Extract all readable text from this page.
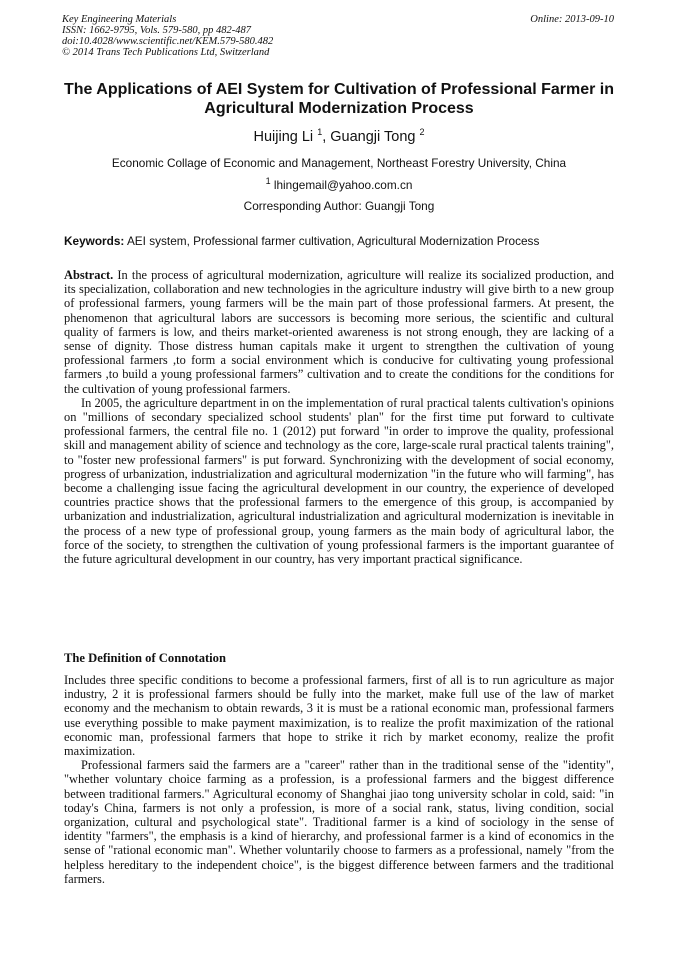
Key Engineering Materials
ISSN: 1662-9795, Vols. 579-580, pp 482-487
doi:10.4028/www.scientific.net/KEM.579-580.482
© 2014 Trans Tech Publications Ltd, Switzerland
Online: 2013-09-10
The Applications of AEI System for Cultivation of Professional Farmer in Agricultural Modernization Process
Huijing Li $^1$, Guangji Tong $^2$
Economic Collage of Economic and Management, Northeast Forestry University, China
$^1$ lhingemail@yahoo.com.cn
Corresponding Author: Guangji Tong
Keywords: AEI system, Professional farmer cultivation, Agricultural Modernization Process

Abstract. In the process of agricultural modernization, agriculture will realize its socialized production, and its specialization, collaboration and new technologies in the agriculture industry will give birth to a new group of professional farmers, young farmers will be the main part of those professional farmers. At present, the phenomenon that agricultural labors are successors is becoming more serious, the scientific and cultural quality of farmers is low, and theirs market-oriented awareness is not strong enough, they are lacking of a sense of dignity. Those distress human capitals make it urgent to strengthen the cultivation of young professional farmers ,to form a social environment which is conducive for cultivating young professional farmers ,to build a young professional farmers” cultivation and to create the conditions for the conditions for the cultivation of young professional farmers.

In 2005, the agriculture department in on the implementation of rural practical talents cultivation's opinions on "millions of secondary specialized school students' plan" for the first time put forward to cultivate professional farmers, the central file no. 1 (2012) put forward "in order to improve the quality, professional skill and management ability of science and technology as the core, large-scale rural practical talents training", to "foster new professional farmers" is put forward. Synchronizing with the development of social economy, progress of urbanization, industrialization and agricultural modernization "in the future who will farming", has become a challenging issue facing the agricultural development in our country, the experience of developed countries practice shows that the professional farmers to the emergence of this group, is accompanied by urbanization and industrialization, agricultural industrialization and agricultural modernization is inevitable in the process of a new type of professional group, young farmers as the main body of agricultural labor, the force of the society, to strengthen the cultivation of young professional farmers is the important guarantee of the future agricultural development in our country, has very important practical significance.

The Definition of Connotation

Includes three specific conditions to become a professional farmers, first of all is to run agriculture as major industry, 2 it is professional farmers should be fully into the market, make full use of the law of market economy and the mechanism to obtain rewards, 3 it is must be a rational economic man, professional farmers use everything possible to make payment maximization, is to realize the profit maximization of the rational economic man, professional farmers that hope to strike it rich by market economy, realize the profit maximization.

Professional farmers said the farmers are a "career" rather than in the traditional sense of the "identity", "whether voluntary choice farming as a profession, is a professional farmers and the biggest difference between traditional farmers." Agricultural economy of Shanghai jiao tong university scholar in cold, said: "in today's China, farmers is not only a profession, is more of a social rank, status, living condition, social organization, cultural and psychological state". Traditional farmer is a kind of sociology in the sense of identity "farmers", the emphasis is a kind of hierarchy, and professional farmer is a kind of economics in the sense of "rational economic man". Whether voluntarily choose to farmers as a professional, namely "from the helpless hereditary to the independent choice", is the biggest difference between farmers and the traditional farmers.
